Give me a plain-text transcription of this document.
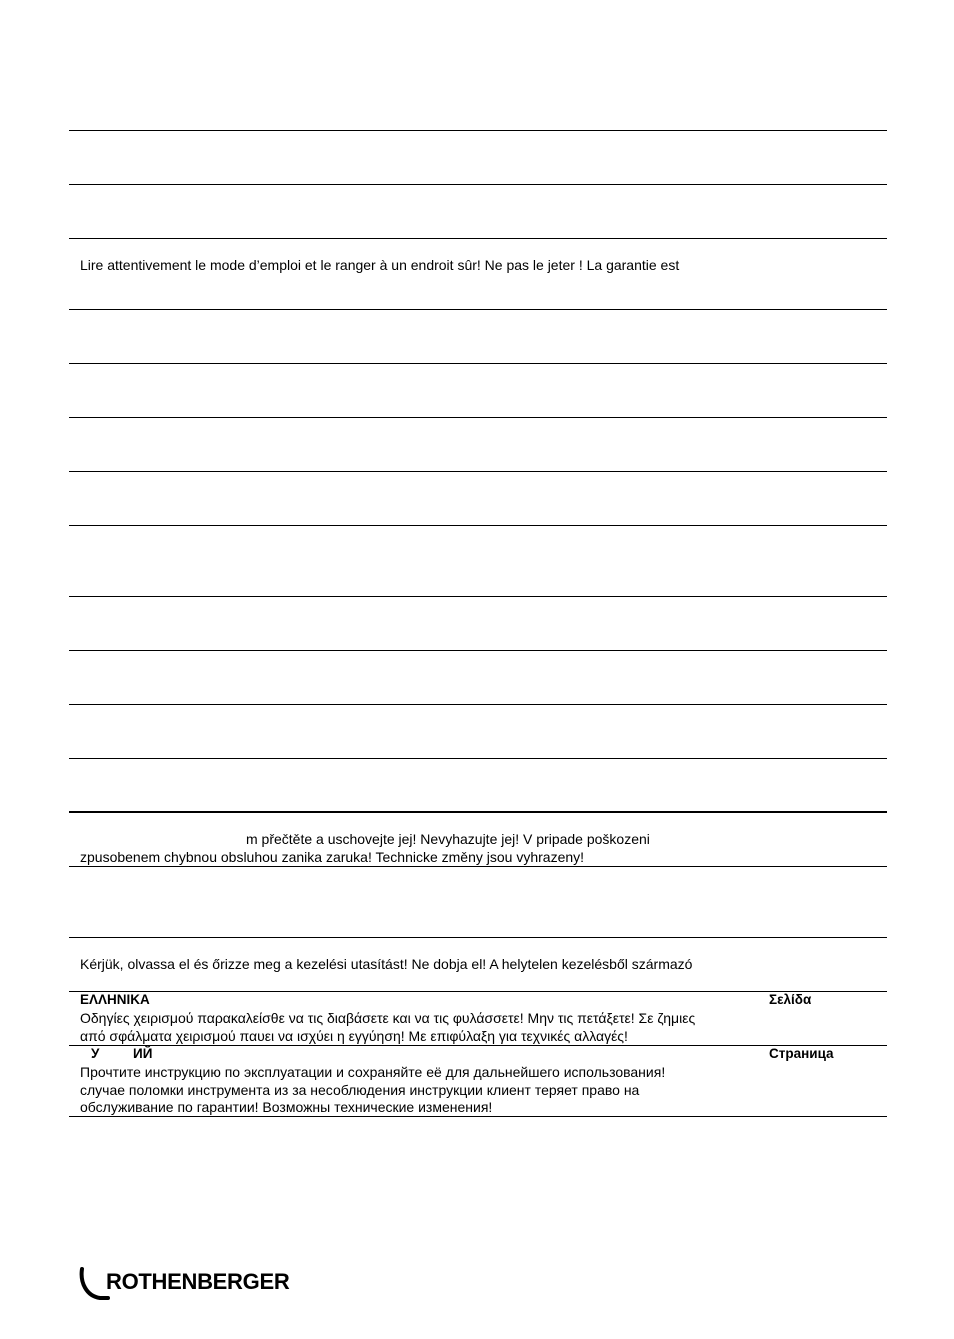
Lire attentivement le mode d’emploi et le ranger à un endroit sûr! Ne pas le jeter ! La garantie est
m přečtěte a uschovejte jej! Nevyhazujte jej! V pripade poškozeni
zpusobenem chybnou obsluhou zanika zaruka! Technicke změny jsou vyhrazeny!
Kérjük, olvassa el és őrizze meg a kezelési utasítást! Ne dobja el! A helytelen kezelésből származó
ΕΛΛΗΝΙΚΑ	Σελίδα
Οδηγίες χειρισμού παρακαλείσθε να τις διαβάσετε και να τις φυλάσσετε! Μην τις πετάξετε! Σε ζημιες
από σφάλματα χειρισμού παυει να ισχύει η εγγύηση! Με επιφύλαξη για τεχνικές αλλαγές!
У ИЙ	Страница
Прочтите инструкцию по эксплуатации и сохраняйте её для дальнейшего использования!
случае поломки инструмента из за несоблюдения инструкции клиент теряет право на
обслуживание по гарантии! Возможны технические изменения!
ROTHENBERGER
